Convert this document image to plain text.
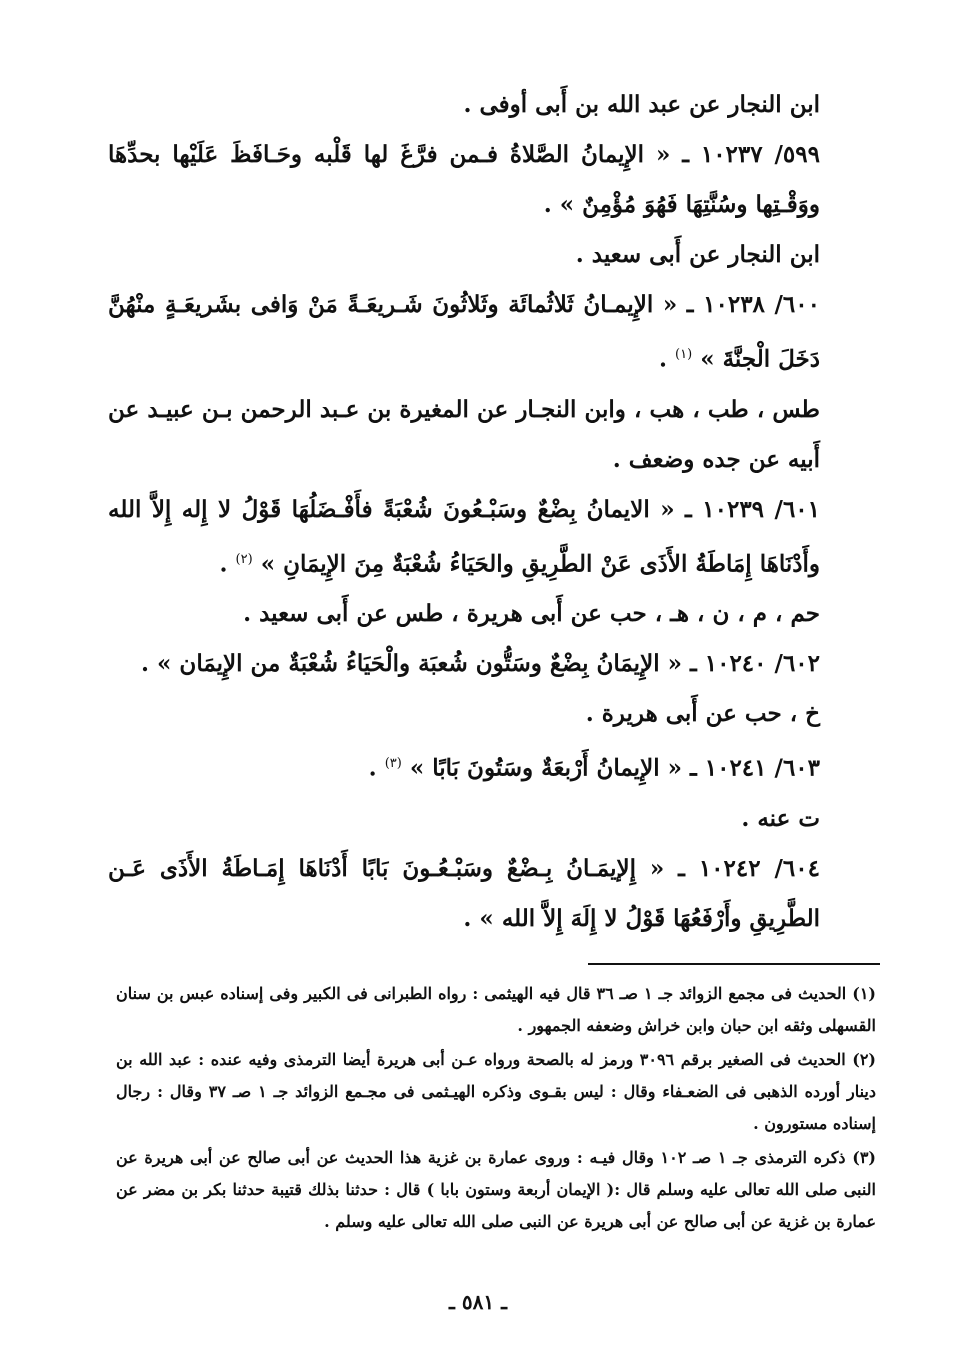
ابن النجار عن عبد الله بن أَبى أوفى .

٥٩٩/ ١٠٢٣٧ ـ « الإِيمانُ الصَّلاةُ فـمن فرَّغَ لها قَلْبه وحَـافَظَ عَلَيْها بحدِّهَا ووَقْـتِها وسُنَّتِهَا فَهُوَ مُؤْمِنٌ » .

ابن النجار عن أَبى سعيد .

٦٠٠/ ١٠٢٣٨ ـ « الإِيمـانُ ثَلاثُمائَة وثَلاثُونَ شَـريعَـةً مَنْ وَافى بشَريعَـةٍ منْهُنَّ دَخَلَ الْجنَّةَ » $^{(١)}$ .

طس ، طب ، هب ، وابن النجـار عن المغيرة بن عـبد الرحمن بـن عبيـد عن أَبيه عن جده وضعف .

٦٠١/ ١٠٢٣٩ ـ « الايمانُ بِضْعٌ وسَبْـعُونَ شُعْبَةً فأَفْـضَلُهَا قَوْلُ لا إِله إِلاَّ الله وأَدْنَاهَا إِمَاطَةُ الأَذَى عَنْ الطَّرِيقِ والحَيَاءُ شُعْبَةٌ مِنَ الإِيمَانِ » $^{(٢)}$ .

حم ، م ، ن ، هـ ، حب عن أَبى هريرة ، طس عن أَبى سعيد .

٦٠٢/ ١٠٢٤٠ ـ « الإِيمَانُ بِضْعٌ وسَتُّون شُعبَة والْحَيَاءُ شُعْبَةٌ من الإِيمَان » .

خ ، حب عن أَبى هريرة .

٦٠٣/ ١٠٢٤١ ـ « الإِيمانُ أَرْبعَةٌ وسَتُونَ بَابًا » $^{(٣)}$ .

ت عنه .

٦٠٤/ ١٠٢٤٢ ـ « إِلإيمَـانُ بِـضْعٌ وسَبْـعُـونَ بَابًا أَدْنَاهَا إِمَـاطَةُ الأَذَى عَـن الطَّرِيقِ وأَرْفَعُهَا قَوْلُ لا إِلَهَ إِلاَّ الله » .

(١) الحديث فى مجمع الزوائد جـ ١ صـ ٣٦ قال فيه الهيثمى : رواه الطبرانى فى الكبير وفى إسناده عبس بن سنان القسهلى وثقه ابن حبان وابن خراش وضعفه الجمهور .

(٢) الحديث فى الصغير برقم ٣٠٩٦ ورمز له بالصحة ورواه عـن أبى هريرة أيضا الترمذى وفيه عنده : عبد الله بن دينار أورده الذهبى فى الضعـفاء وقال : ليس بقـوى وذكره الهيـثمى فى مجـمع الزوائد جـ ١ صـ ٣٧ وقال : رجال إسناده مستورون .

(٣) ذكره الترمذى جـ ١ صـ ١٠٢ وقال فيـه : وروى عمارة بن غزية هذا الحديث عن أبى صالح عن أبى هريرة عن النبى صلى الله تعالى عليه وسلم قال :( الإيمان أربعة وستون بابا ) قال : حدثنا بذلك قتيبة حدثنا بكر بن مضر عن عمارة بن غزية عن أبى صالح عن أبى هريرة عن النبى صلى الله تعالى عليه وسلم .

ـ ٥٨١ ـ
